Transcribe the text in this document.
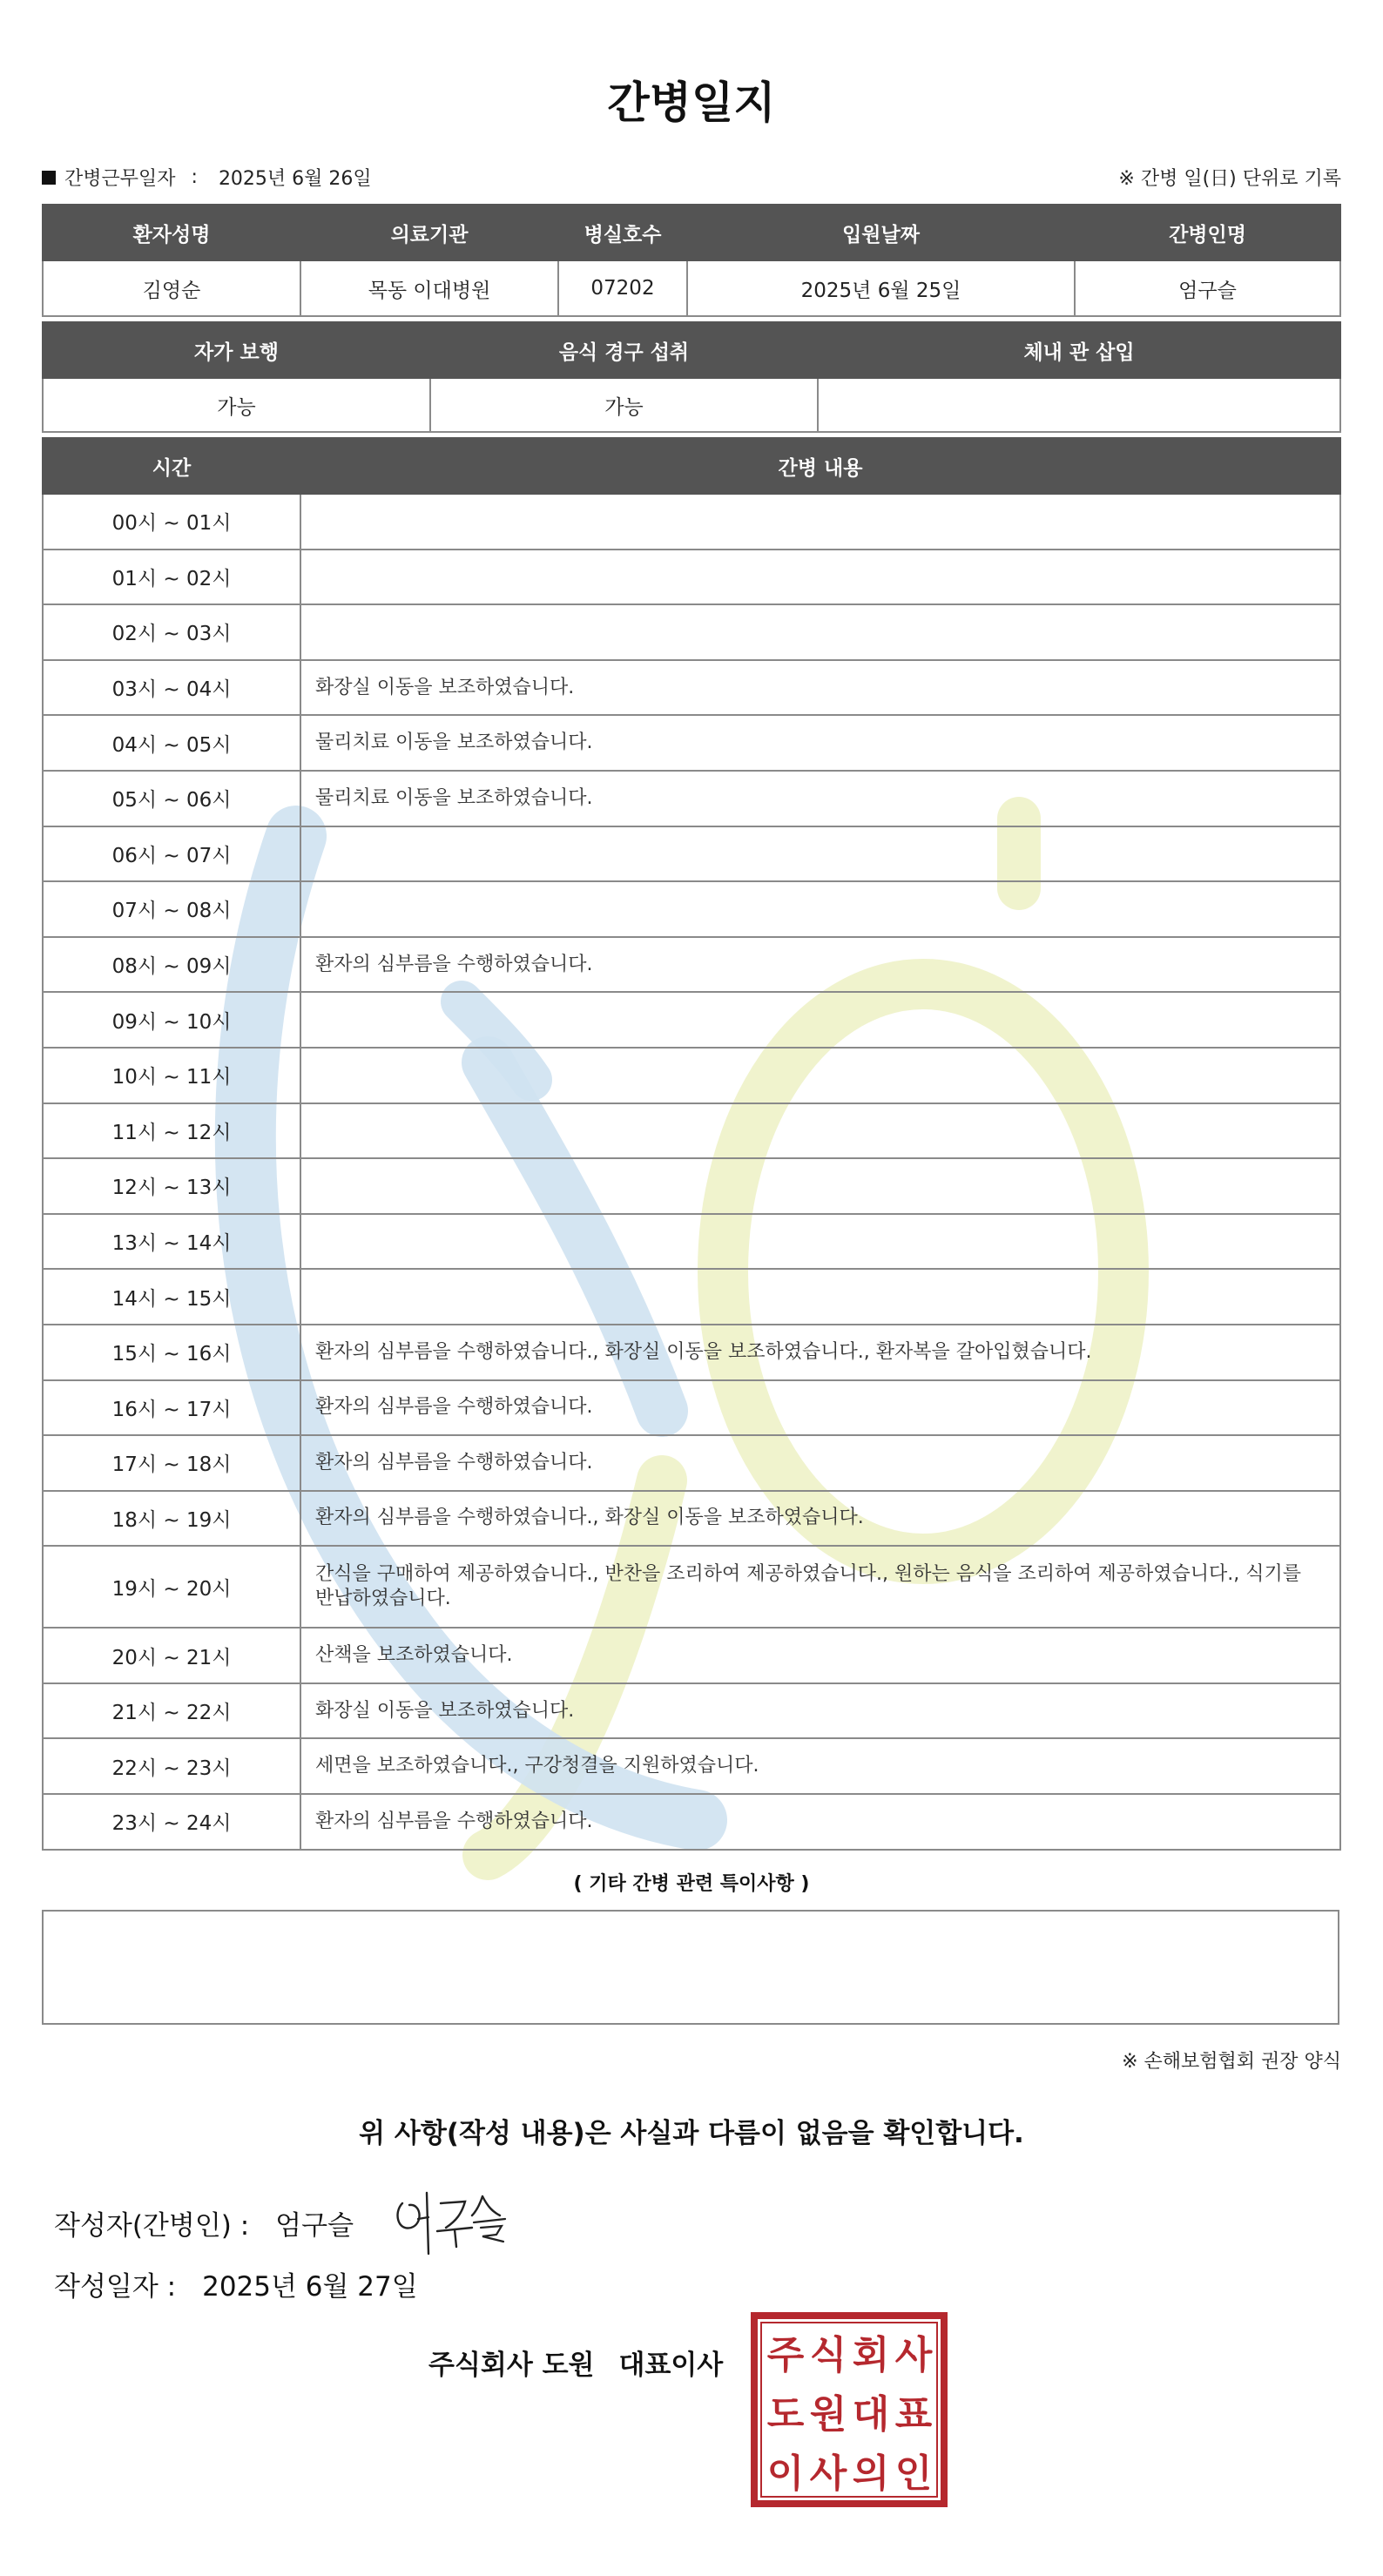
간병일지
간병근무일자 : 2025년 6월 26일	※ 간병 일(日) 단위로 기록
환자성명	의료기관	병실호수	입원날짜	간병인명
김영순	목동 이대병원	07202	2025년 6월 25일	엄구슬
자가 보행	음식 경구 섭취	체내 관 삽입
가능	가능	
시간	간병 내용
00시 ~ 01시	
01시 ~ 02시	
02시 ~ 03시	
03시 ~ 04시	화장실 이동을 보조하였습니다.
04시 ~ 05시	물리치료 이동을 보조하였습니다.
05시 ~ 06시	물리치료 이동을 보조하였습니다.
06시 ~ 07시	
07시 ~ 08시	
08시 ~ 09시	환자의 심부름을 수행하였습니다.
09시 ~ 10시	
10시 ~ 11시	
11시 ~ 12시	
12시 ~ 13시	
13시 ~ 14시	
14시 ~ 15시	
15시 ~ 16시	환자의 심부름을 수행하였습니다., 화장실 이동을 보조하였습니다., 환자복을 갈아입혔습니다.
16시 ~ 17시	환자의 심부름을 수행하였습니다.
17시 ~ 18시	환자의 심부름을 수행하였습니다.
18시 ~ 19시	환자의 심부름을 수행하였습니다., 화장실 이동을 보조하였습니다.
19시 ~ 20시	간식을 구매하여 제공하였습니다., 반찬을 조리하여 제공하였습니다., 원하는 음식을 조리하여 제공하였습니다., 식기를 반납하였습니다.
20시 ~ 21시	산책을 보조하였습니다.
21시 ~ 22시	화장실 이동을 보조하였습니다.
22시 ~ 23시	세면을 보조하였습니다., 구강청결을 지원하였습니다.
23시 ~ 24시	환자의 심부름을 수행하였습니다.
( 기타 간병 관련 특이사항 )
※ 손해보험협회 권장 양식
위 사항(작성 내용)은 사실과 다름이 없음을 확인합니다.
작성자(간병인) : 엄구슬
작성일자 : 2025년 6월 27일
주식회사 도원 대표이사 주 식 회 사
도 원 대 표
이 사 의 인
